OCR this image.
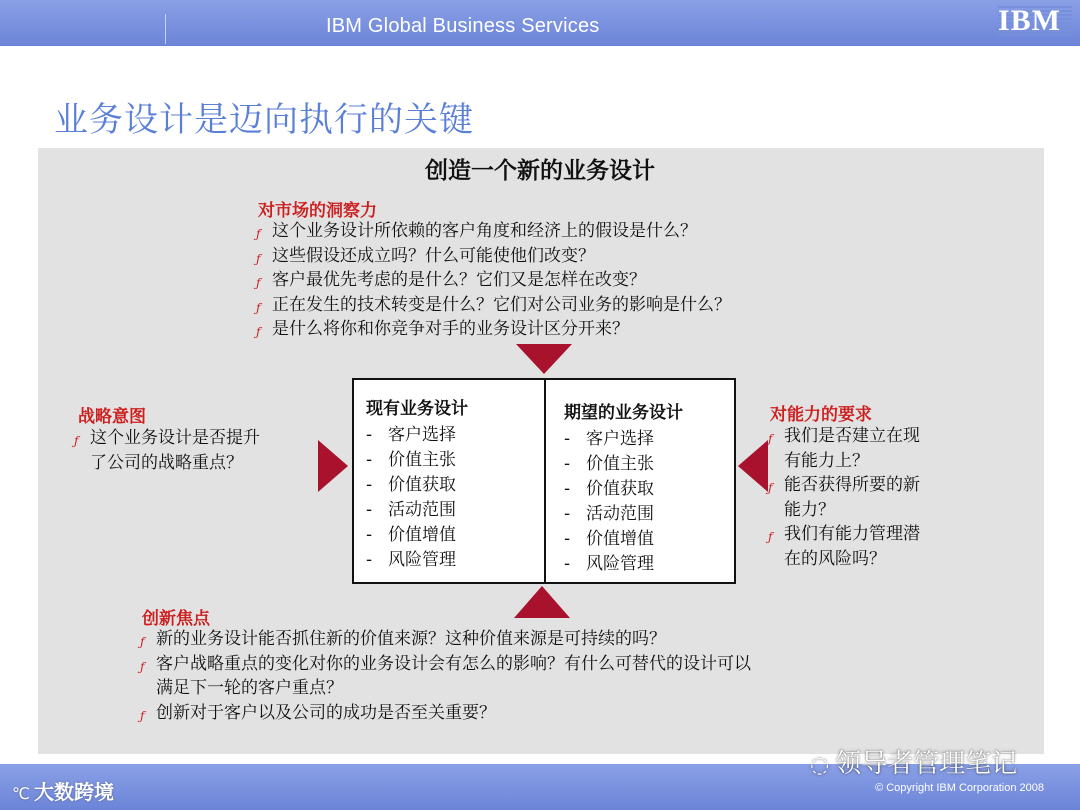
IBM Global Business Services	IBM
业务设计是迈向执行的关键
创造一个新的业务设计
对市场的洞察力
ƒ 这个业务设计所依赖的客户角度和经济上的假设是什么？
ƒ 这些假设还成立吗？什么可能使他们改变？
ƒ 客户最优先考虑的是什么？它们又是怎样在改变？
ƒ 正在发生的技术转变是什么？它们对公司业务的影响是什么？
ƒ 是什么将你和你竞争对手的业务设计区分开来？
战略意图
ƒ 这个业务设计是否提升
了公司的战略重点？
对能力的要求
ƒ 我们是否建立在现
有能力上？
ƒ 能否获得所要的新
能力？
ƒ 我们有能力管理潜
在的风险吗？
创新焦点
ƒ 新的业务设计能否抓住新的价值来源？这种价值来源是可持续的吗？
ƒ 客户战略重点的变化对你的业务设计会有怎么的影响？有什么可替代的设计可以
满足下一轮的客户重点？
ƒ 创新对于客户以及公司的成功是否至关重要？
现有业务设计
- 客户选择
- 价值主张
- 价值获取
- 活动范围
- 价值增值
- 风险管理
期望的业务设计
- 客户选择
- 价值主张
- 价值获取
- 活动范围
- 价值增值
- 风险管理
© Copyright IBM Corporation 2008
℃ 大数跨境
◌ 领导者管理笔记
